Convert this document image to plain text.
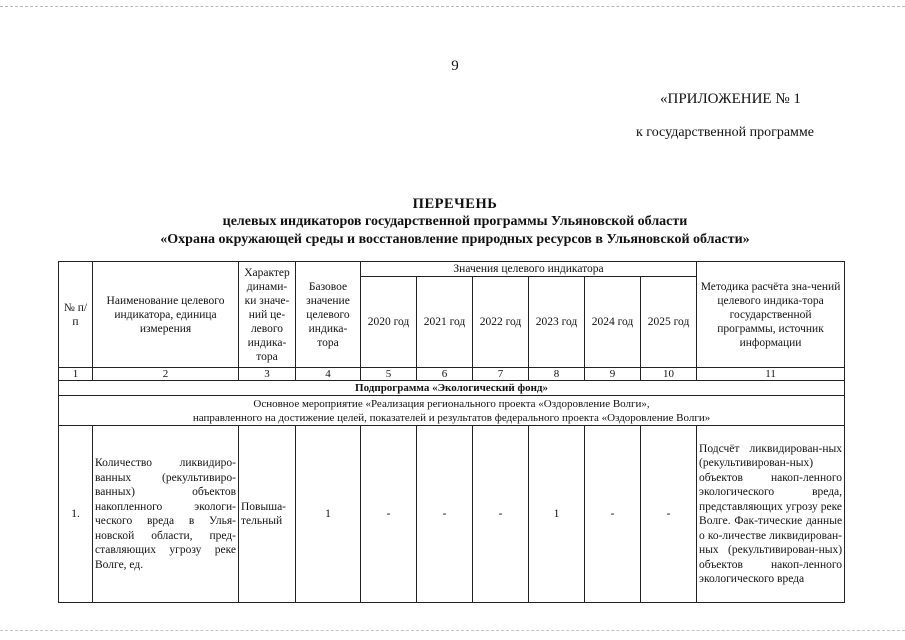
9
«ПРИЛОЖЕНИЕ № 1
к государственной программе
ПЕРЕЧЕНЬ
целевых индикаторов государственной программы Ульяновской области
«Охрана окружающей среды и восстановление природных ресурсов в Ульяновской области»
№ п/п	Наименование целевого индикатора, единица измерения	Характер динами-ки значе-ний це-левого индика-тора	Базовое значение целевого индика-тора	Значения целевого индикатора						Методика расчёта зна-чений целевого индика-тора государственной программы, источник информации
				2020 год	2021 год	2022 год	2023 год	2024 год	2025 год	
1	2	3	4	5	6	7	8	9	10	11
Подпрограмма «Экологический фонд»										

Основное мероприятие «Реализация регионального проекта «Оздоровление Волги»,
направленного на достижение целей, показателей и результатов федерального проекта «Оздоровление Волги»										

1.	Количество ликвидиро-ванных (рекультивиро-ванных) объектов накопленного экологи-ческого вреда в Улья-новской области, пред-ставляющих угрозу реке Волге, ед.	Повыша-тельный	1	-	-	-	1	-	-	Подсчёт ликвидирован-ных (рекультивирован-ных) объектов накоп-ленного экологического вреда, представляющих угрозу реке Волге. Фак-тические данные о ко-личестве ликвидирован-ных (рекультивирован-ных) объектов накоп-ленного экологического вреда
